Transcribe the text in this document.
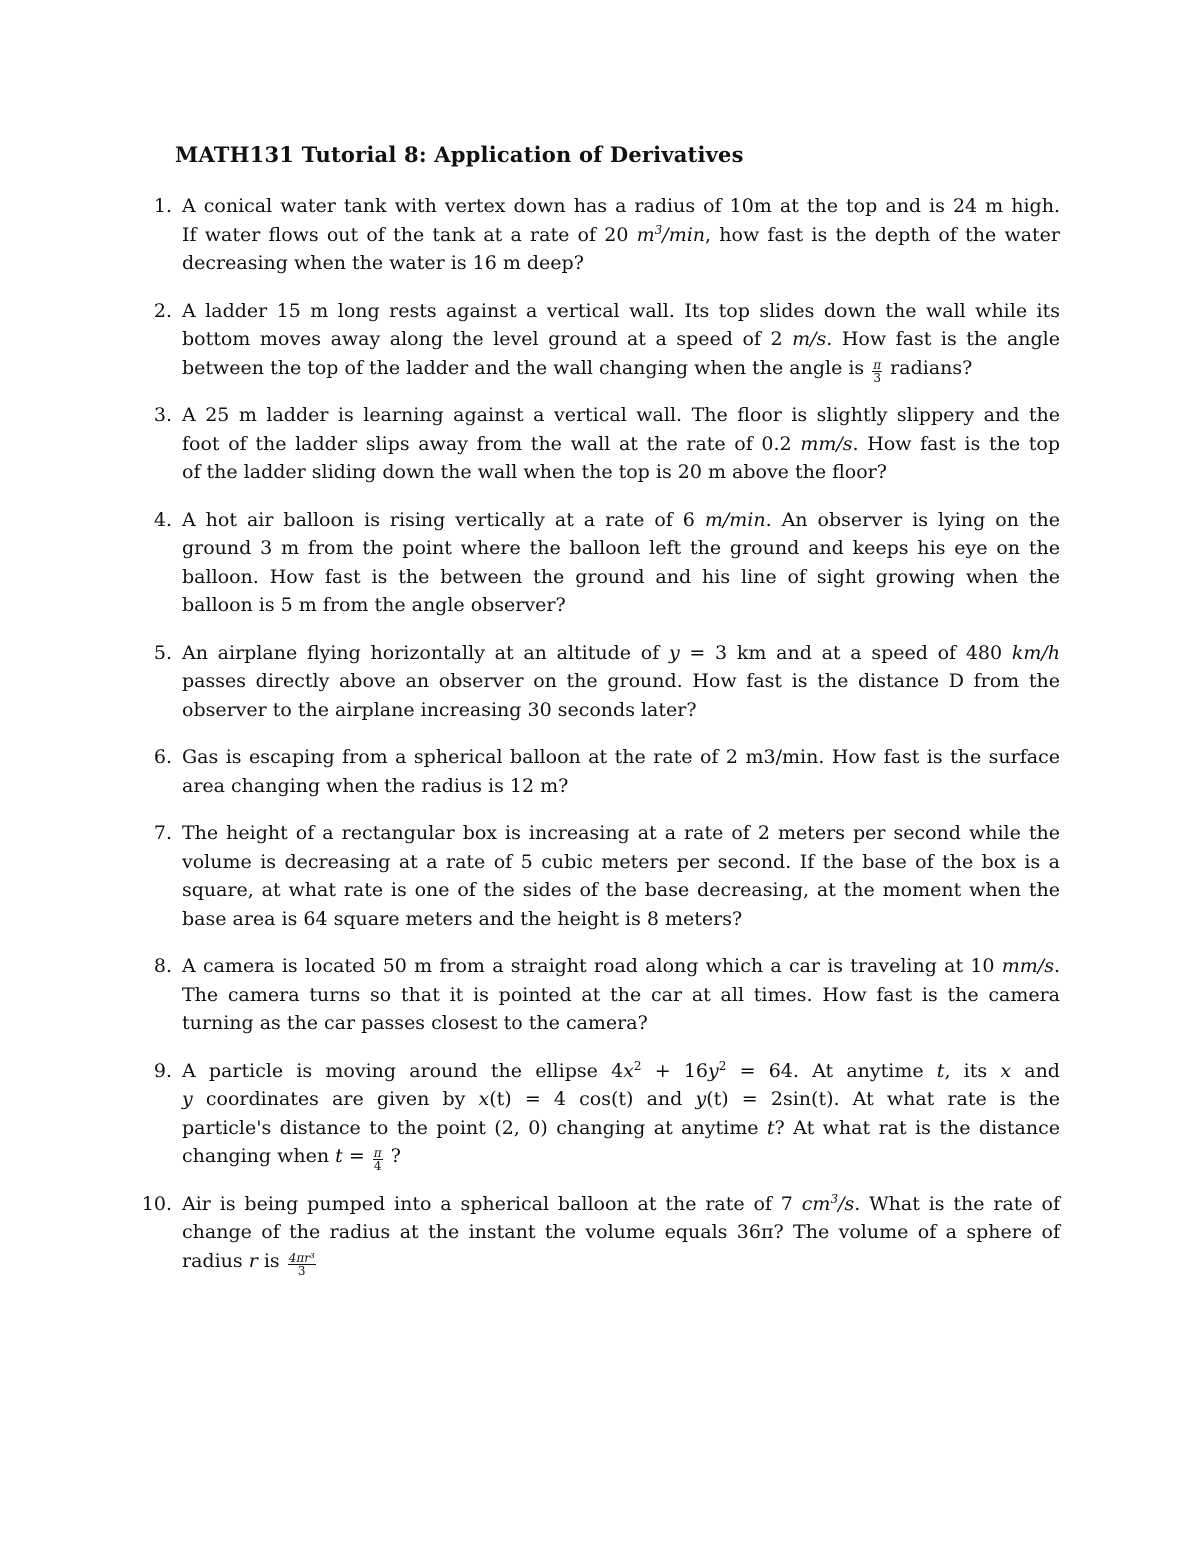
MATH131 Tutorial 8: Application of Derivatives
1. A conical water tank with vertex down has a radius of 10m at the top and is 24 m high.
If water flows out of the tank at a rate of 20 $m^3/\min$, how fast is the depth of the water
decreasing when the water is 16 m deep?
2. A ladder 15 m long rests against a vertical wall. Its top slides down the wall while its
bottom moves away along the level ground at a speed of 2 m/s. How fast is the angle
between the top of the ladder and the wall changing when the angle is $\frac{\pi}{3}$ radians?
3. A 25 m ladder is learning against a vertical wall. The floor is slightly slippery and the
foot of the ladder slips away from the wall at the rate of 0.2 mm/s. How fast is the top
of the ladder sliding down the wall when the top is 20 m above the floor?
4. A hot air balloon is rising vertically at a rate of 6 m/min. An observer is lying on the
ground 3 m from the point where the balloon left the ground and keeps his eye on the
balloon. How fast is the between the ground and his line of sight growing when the
balloon is 5 m from the angle observer?
5. An airplane flying horizontally at an altitude of y = 3 km and at a speed of 480 km/h
passes directly above an observer on the ground. How fast is the distance D from the
observer to the airplane increasing 30 seconds later?
6. Gas is escaping from a spherical balloon at the rate of 2 m3/min. How fast is the surface
area changing when the radius is 12 m?
7. The height of a rectangular box is increasing at a rate of 2 meters per second while the
volume is decreasing at a rate of 5 cubic meters per second. If the base of the box is a
square, at what rate is one of the sides of the base decreasing, at the moment when the
base area is 64 square meters and the height is 8 meters?
8. A camera is located 50 m from a straight road along which a car is traveling at 10 mm/s.
The camera turns so that it is pointed at the car at all times. How fast is the camera
turning as the car passes closest to the camera?
9. A particle is moving around the ellipse $4x^2 + 16y^2 = 64$. At anytime t, its x and
y coordinates are given by x(t) = 4 cos(t) and y(t) = 2sin(t). At what rate is the
particle's distance to the point (2, 0) changing at anytime t? At what rat is the distance
changing when $t = \frac{\pi}{4}$ ?
10. Air is being pumped into a spherical balloon at the rate of 7 $cm^3/s$. What is the rate of
change of the radius at the instant the volume equals 36π? The volume of a sphere of
radius r is $\frac{\text{4πr³}}{3}$
